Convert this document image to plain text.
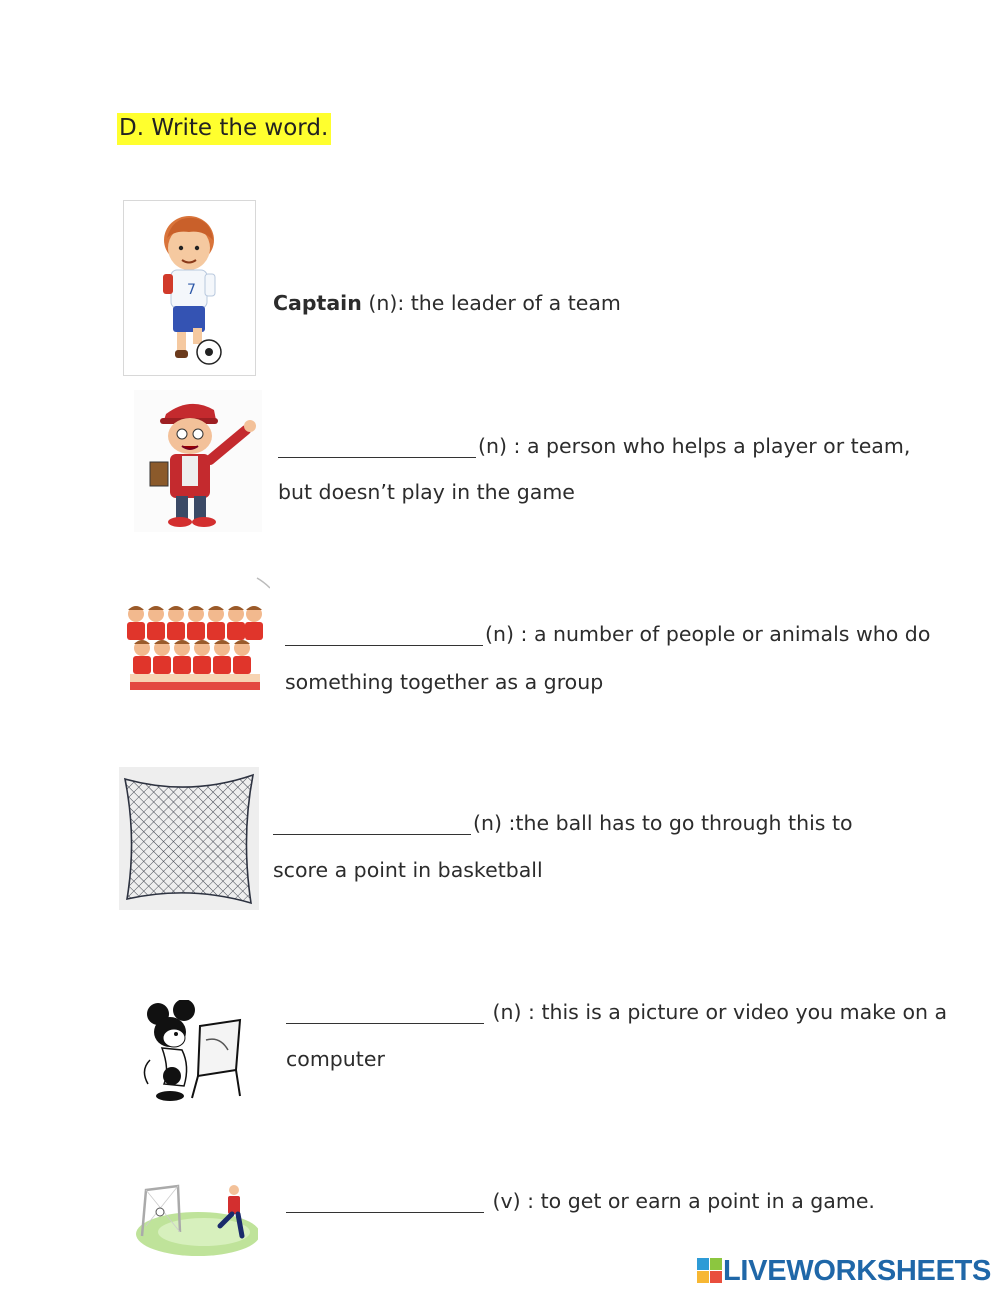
D. Write the word.
7
Captain (n): the leader of a team
(n) : a person who helps a player or team,
but doesn’t play in the game
(n) : a number of people or animals who do
something together as a group
(n) :the ball has to go through this to
score a point in basketball
(n) : this is a picture or video you make on a
computer
(v) : to get or earn a point in a game.
LIVEWORKSHEETS
